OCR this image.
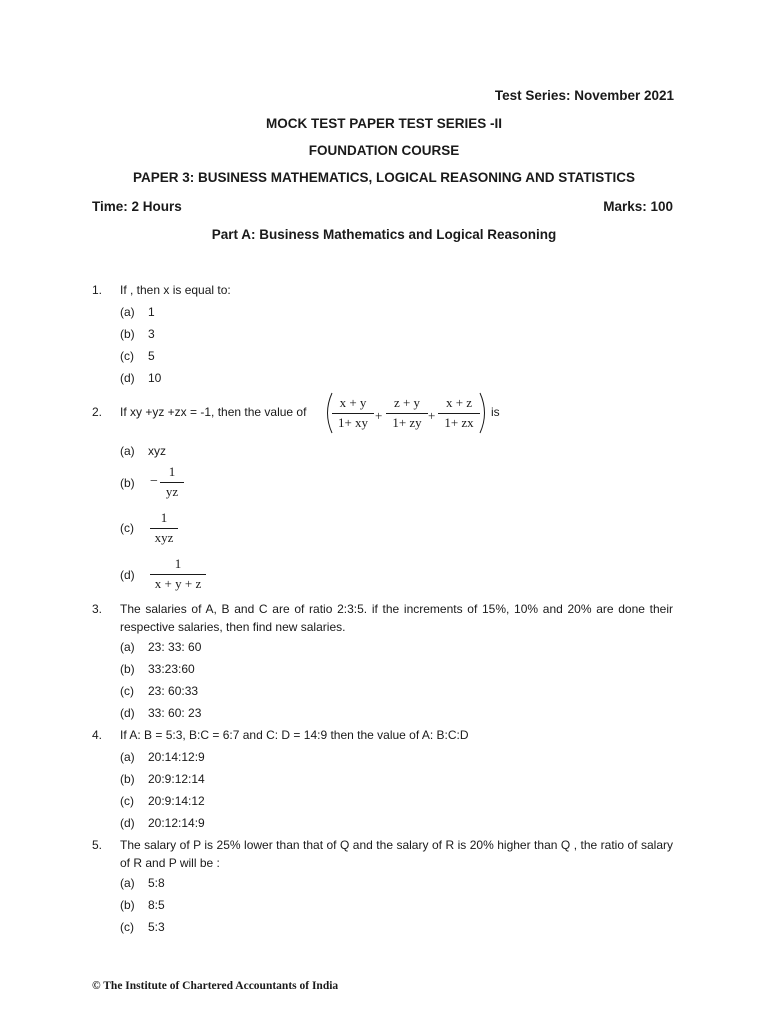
Test Series: November 2021
MOCK TEST PAPER TEST SERIES -II
FOUNDATION COURSE
PAPER 3: BUSINESS MATHEMATICS, LOGICAL REASONING AND STATISTICS
Time: 2 Hours	Marks: 100
Part A: Business Mathematics and Logical Reasoning
1. If , then x is equal to:
(a) 1
(b) 3
(c) 5
(d) 10
2. If xy +yz +zx = -1, then the value of
x + y
1+ xy +
z + y
1+ zy +
x + z
1+ zx
is
(a) xyz
(b) −
1
yz
(c)
1
xyz
(d)
1
x + y + z
3. The salaries of A, B and C are of ratio 2:3:5. if the increments of 15%, 10% and 20% are done their respective salaries, then find new salaries.
(a) 23: 33: 60
(b) 33:23:60
(c) 23: 60:33
(d) 33: 60: 23
4. If A: B = 5:3, B:C = 6:7 and C: D = 14:9 then the value of A: B:C:D
(a) 20:14:12:9
(b) 20:9:12:14
(c) 20:9:14:12
(d) 20:12:14:9
5. The salary of P is 25% lower than that of Q and the salary of R is 20% higher than Q , the ratio of salary of R and P will be :
(a) 5:8
(b) 8:5
(c) 5:3
© The Institute of Chartered Accountants of India
